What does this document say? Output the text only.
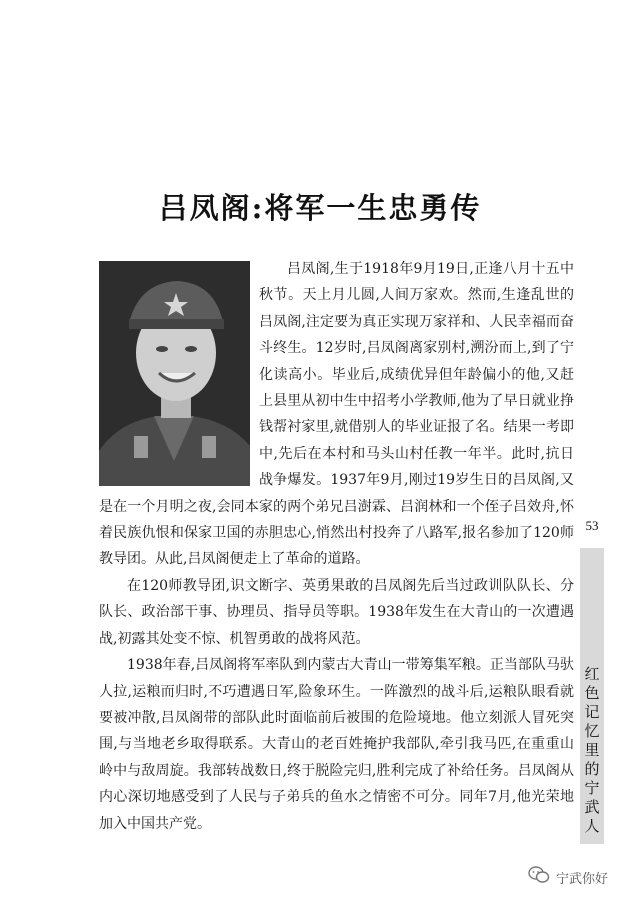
吕凤阁:将军一生忠勇传

吕凤阁,生于1918年9月19日,正逢八月十五中秋节。天上月儿圆,人间万家欢。然而,生逢乱世的吕凤阁,注定要为真正实现万家祥和、人民幸福而奋斗终生。12岁时,吕凤阁离家别村,溯汾而上,到了宁化读高小。毕业后,成绩优异但年龄偏小的他,又赶上县里从初中生中招考小学教师,他为了早日就业挣钱帮衬家里,就借别人的毕业证报了名。结果一考即中,先后在本村和马头山村任教一年半。此时,抗日战争爆发。1937年9月,刚过19岁生日的吕凤阁,又是在一个月明之夜,会同本家的两个弟兄吕澍霖、吕润林和一个侄子吕效舟,怀着民族仇恨和保家卫国的赤胆忠心,悄然出村投奔了八路军,报名参加了120师教导团。从此,吕凤阁便走上了革命的道路。

在120师教导团,识文断字、英勇果敢的吕凤阁先后当过政训队队长、分队长、政治部干事、协理员、指导员等职。1938年发生在大青山的一次遭遇战,初露其处变不惊、机智勇敢的战将风范。

1938年春,吕凤阁将军率队到内蒙古大青山一带筹集军粮。正当部队马驮人拉,运粮而归时,不巧遭遇日军,险象环生。一阵激烈的战斗后,运粮队眼看就要被冲散,吕凤阁带的部队此时面临前后被围的危险境地。他立刻派人冒死突围,与当地老乡取得联系。大青山的老百姓掩护我部队,牵引我马匹,在重重山岭中与敌周旋。我部转战数日,终于脱险完归,胜利完成了补给任务。吕凤阁从内心深切地感受到了人民与子弟兵的鱼水之情密不可分。同年7月,他光荣地加入中国共产党。

53
红
色
记
忆
里
的
宁
武
人
宁武你好
